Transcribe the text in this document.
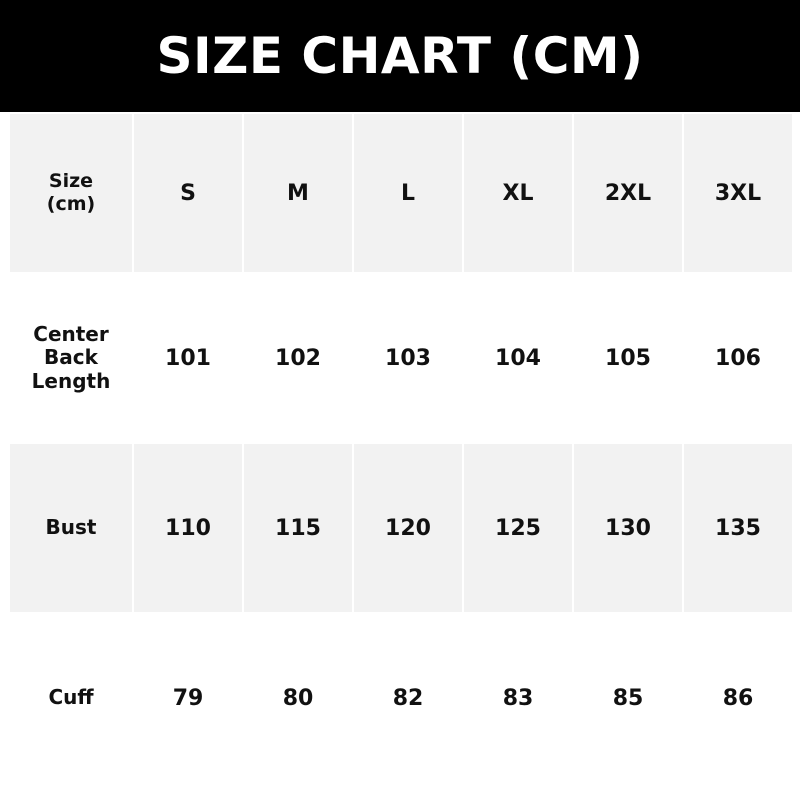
SIZE CHART (CM)
Size
(cm)	S	M	L	XL	2XL	3XL

Center
Back
Length	101	102	103	104	105	106

Bust	110	115	120	125	130	135

Cuff	79	80	82	83	85	86
